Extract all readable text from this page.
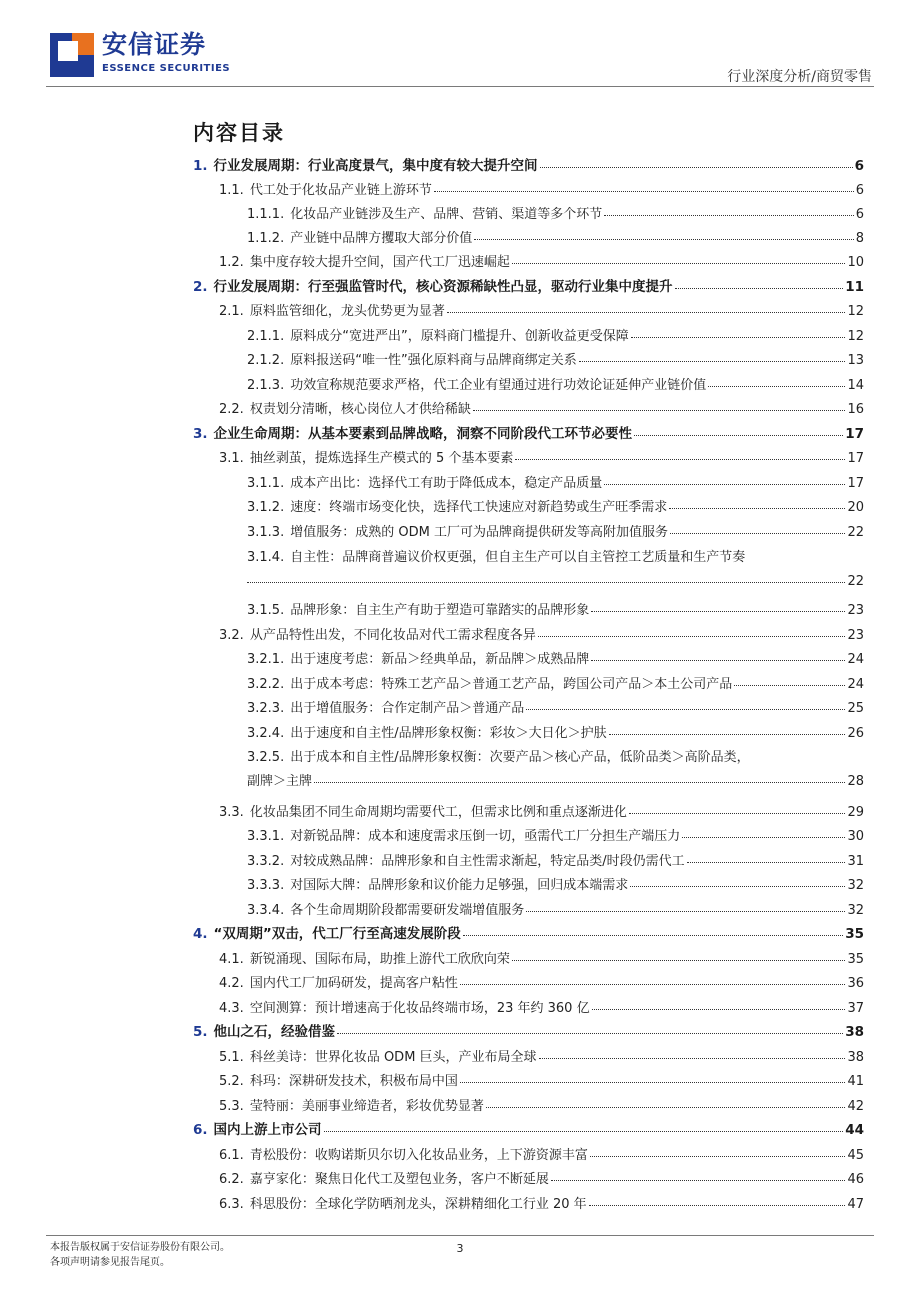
安信证券
ESSENCE SECURITIES
行业深度分析/商贸零售
内容目录
1. 行业发展周期：行业高度景气，集中度有较大提升空间	6
1.1. 代工处于化妆品产业链上游环节	6
1.1.1. 化妆品产业链涉及生产、品牌、营销、渠道等多个环节	6
1.1.2. 产业链中品牌方攫取大部分价值	8
1.2. 集中度存较大提升空间，国产代工厂迅速崛起	10
2. 行业发展周期：行至强监管时代，核心资源稀缺性凸显，驱动行业集中度提升	11
2.1. 原料监管细化，龙头优势更为显著	12
2.1.1. 原料成分“宽进严出”，原料商门槛提升、创新收益更受保障	12
2.1.2. 原料报送码“唯一性”强化原料商与品牌商绑定关系	13
2.1.3. 功效宣称规范要求严格，代工企业有望通过进行功效论证延伸产业链价值	14
2.2. 权责划分清晰，核心岗位人才供给稀缺	16
3. 企业生命周期：从基本要素到品牌战略，洞察不同阶段代工环节必要性	17
3.1. 抽丝剥茧，提炼选择生产模式的 5 个基本要素	17
3.1.1. 成本产出比：选择代工有助于降低成本，稳定产品质量	17
3.1.2. 速度：终端市场变化快，选择代工快速应对新趋势或生产旺季需求	20
3.1.3. 增值服务：成熟的 ODM 工厂可为品牌商提供研发等高附加值服务	22
3.1.4. 自主性：品牌商普遍议价权更强，但自主生产可以自主管控工艺质量和生产节奏
22
3.1.5. 品牌形象：自主生产有助于塑造可靠踏实的品牌形象	23
3.2. 从产品特性出发，不同化妆品对代工需求程度各异	23
3.2.1. 出于速度考虑：新品＞经典单品，新品牌＞成熟品牌	24
3.2.2. 出于成本考虑：特殊工艺产品＞普通工艺产品，跨国公司产品＞本土公司产品	24
3.2.3. 出于增值服务：合作定制产品＞普通产品	25
3.2.4. 出于速度和自主性/品牌形象权衡：彩妆＞大日化＞护肤	26
3.2.5. 出于成本和自主性/品牌形象权衡：次要产品＞核心产品，低阶品类＞高阶品类，
副牌＞主牌	28
3.3. 化妆品集团不同生命周期均需要代工，但需求比例和重点逐渐进化	29
3.3.1. 对新锐品牌：成本和速度需求压倒一切，亟需代工厂分担生产端压力	30
3.3.2. 对较成熟品牌：品牌形象和自主性需求渐起，特定品类/时段仍需代工	31
3.3.3. 对国际大牌：品牌形象和议价能力足够强，回归成本端需求	32
3.3.4. 各个生命周期阶段都需要研发端增值服务	32
4. “双周期”双击，代工厂行至高速发展阶段	35
4.1. 新锐涌现、国际布局，助推上游代工欣欣向荣	35
4.2. 国内代工厂加码研发，提高客户粘性	36
4.3. 空间测算：预计增速高于化妆品终端市场，23 年约 360 亿	37
5. 他山之石，经验借鉴	38
5.1. 科丝美诗：世界化妆品 ODM 巨头，产业布局全球	38
5.2. 科玛：深耕研发技术，积极布局中国	41
5.3. 莹特丽：美丽事业缔造者，彩妆优势显著	42
6. 国内上游上市公司	44
6.1. 青松股份：收购诺斯贝尔切入化妆品业务，上下游资源丰富	45
6.2. 嘉亨家化：聚焦日化代工及塑包业务，客户不断延展	46
6.3. 科思股份：全球化学防晒剂龙头，深耕精细化工行业 20 年	47
本报告版权属于安信证券股份有限公司。
各项声明请参见报告尾页。
3
